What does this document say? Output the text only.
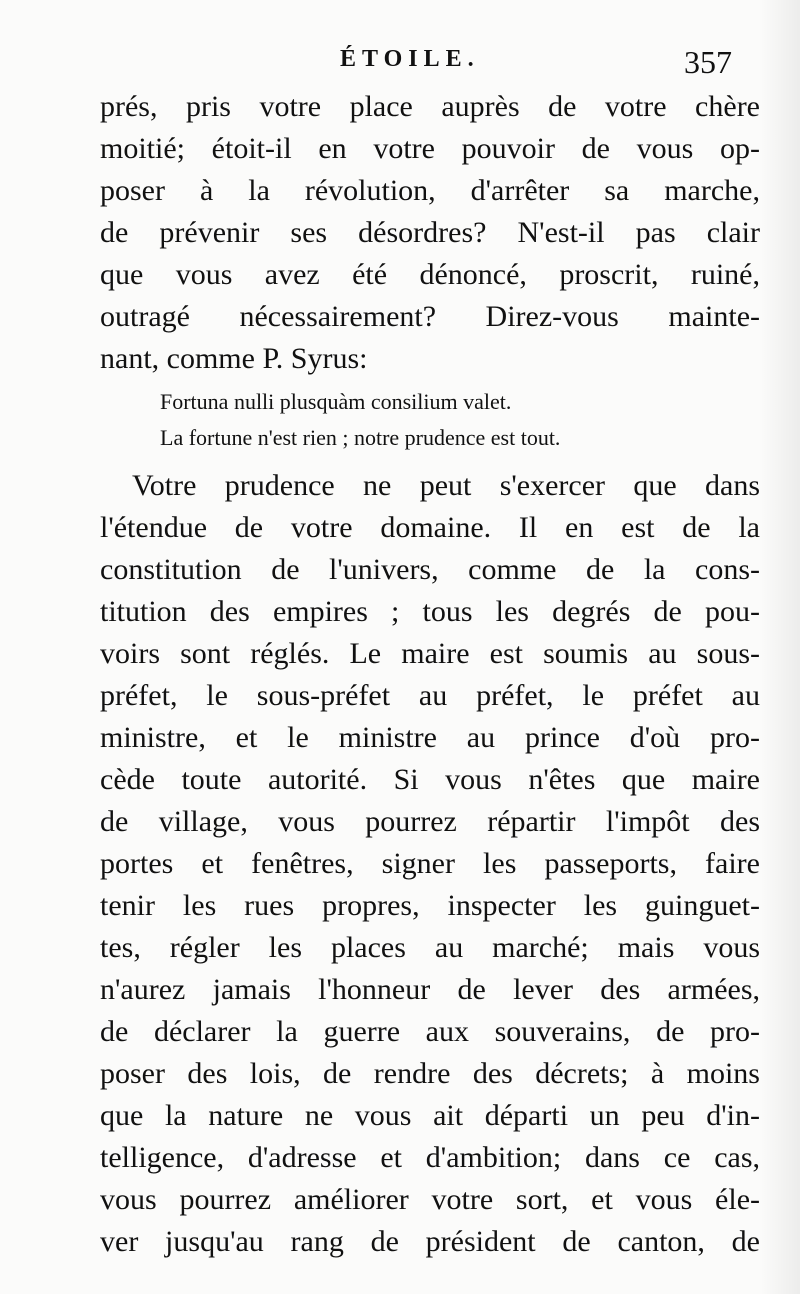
ÉTOILE.	357
prés, pris votre place auprès de votre chère
moitié; étoit-il en votre pouvoir de vous op-
poser à la révolution, d'arrêter sa marche,
de prévenir ses désordres? N'est-il pas clair
que vous avez été dénoncé, proscrit, ruiné,
outragé nécessairement? Direz-vous mainte-
nant, comme P. Syrus:
Fortuna nulli plusquàm consilium valet.
La fortune n'est rien ; notre prudence est tout.
Votre prudence ne peut s'exercer que dans
l'étendue de votre domaine. Il en est de la
constitution de l'univers, comme de la cons-
titution des empires ; tous les degrés de pou-
voirs sont réglés. Le maire est soumis au sous-
préfet, le sous-préfet au préfet, le préfet au
ministre, et le ministre au prince d'où pro-
cède toute autorité. Si vous n'êtes que maire
de village, vous pourrez répartir l'impôt des
portes et fenêtres, signer les passeports, faire
tenir les rues propres, inspecter les guinguet-
tes, régler les places au marché; mais vous
n'aurez jamais l'honneur de lever des armées,
de déclarer la guerre aux souverains, de pro-
poser des lois, de rendre des décrets; à moins
que la nature ne vous ait départi un peu d'in-
telligence, d'adresse et d'ambition; dans ce cas,
vous pourrez améliorer votre sort, et vous éle-
ver jusqu'au rang de président de canton, de
